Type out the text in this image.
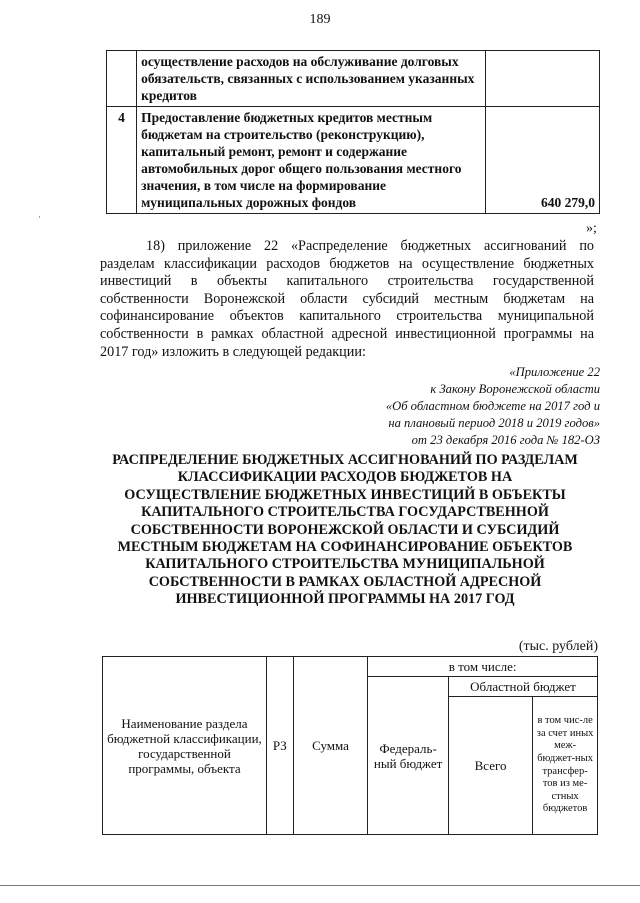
189
	осуществление расходов на обслуживание долговых обязательств, связанных с использованием указанных кредитов	
4	Предоставление бюджетных кредитов местным бюджетам на строительство (реконструкцию), капитальный ремонт, ремонт и содержание автомобильных дорог общего пользования местного значения, в том числе на формирование муниципальных дорожных фондов	640 279,0
·
»;
18) приложение 22 «Распределение бюджетных ассигнований по разделам классификации расходов бюджетов на осуществление бюджетных инвестиций в объекты капитального строительства государственной собственности Воронежской области субсидий местным бюджетам на софинансирование объектов капитального строительства муниципальной собственности в рамках областной адресной инвестиционной программы на 2017 год» изложить в следующей редакции:
«Приложение 22
к Закону Воронежской области
«Об областном бюджете на 2017 год и
на плановый период 2018 и 2019 годов»
от 23 декабря 2016 года № 182-ОЗ
РАСПРЕДЕЛЕНИЕ БЮДЖЕТНЫХ АССИГНОВАНИЙ ПО РАЗДЕЛАМ КЛАССИФИКАЦИИ РАСХОДОВ БЮДЖЕТОВ НА ОСУЩЕСТВЛЕНИЕ БЮДЖЕТНЫХ ИНВЕСТИЦИЙ В ОБЪЕКТЫ КАПИТАЛЬНОГО СТРОИТЕЛЬСТВА ГОСУДАРСТВЕННОЙ СОБСТВЕННОСТИ ВОРОНЕЖСКОЙ ОБЛАСТИ И СУБСИДИЙ МЕСТНЫМ БЮДЖЕТАМ НА СОФИНАНСИРОВАНИЕ ОБЪЕКТОВ КАПИТАЛЬНОГО СТРОИТЕЛЬСТВА МУНИЦИПАЛЬНОЙ СОБСТВЕННОСТИ В РАМКАХ ОБЛАСТНОЙ АДРЕСНОЙ ИНВЕСТИЦИОННОЙ ПРОГРАММЫ НА 2017 ГОД
(тыс. рублей)
Наименование раздела бюджетной классификации, государственной программы, объекта	РЗ	Сумма	в том числе:		
			Федераль-ный бюджет	Областной бюджет	
				Всего	в том чис-ле за счет иных меж-бюджет-ных трансфер-тов из ме-стных бюджетов
